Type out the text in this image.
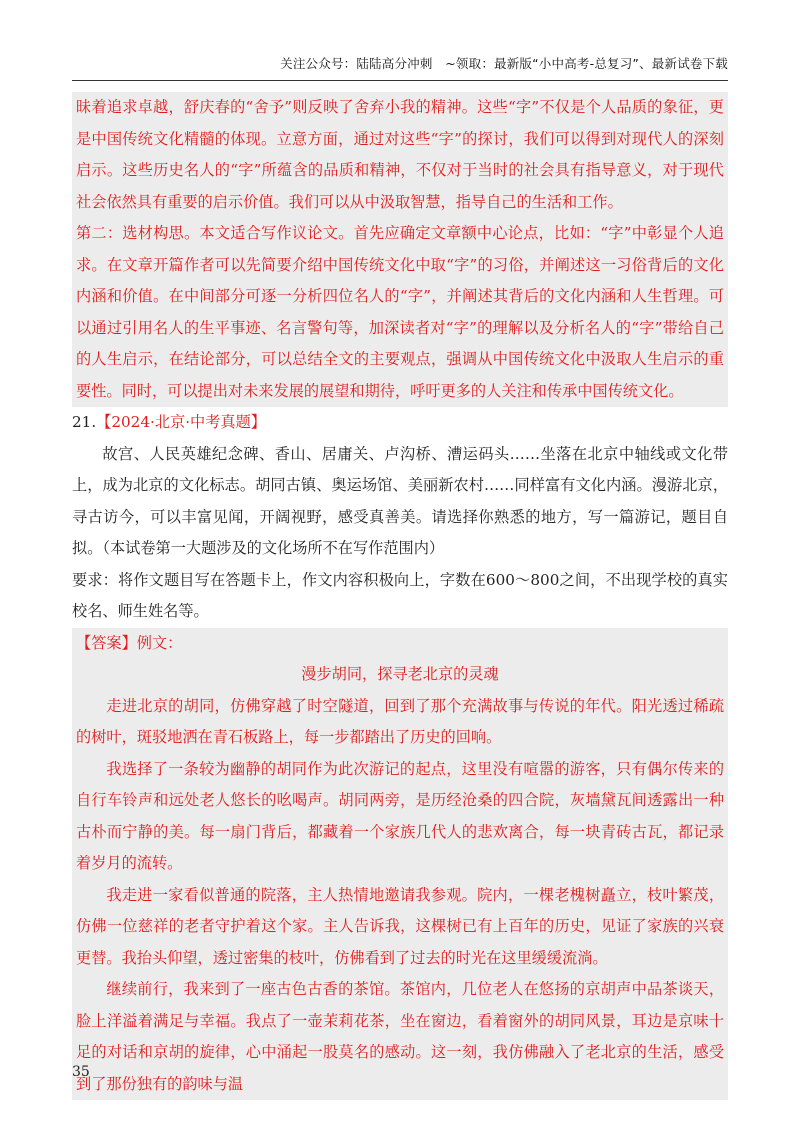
关注公众号：陆陆高分冲刺　~领取：最新版“小中高考-总复习”、最新试卷下载

昧着追求卓越，舒庆春的“舍予”则反映了舍弃小我的精神。这些“字”不仅是个人品质的象征，更是中国传统文化精髓的体现。立意方面，通过对这些“字”的探讨，我们可以得到对现代人的深刻启示。这些历史名人的“字”所蕴含的品质和精神，不仅对于当时的社会具有指导意义，对于现代社会依然具有重要的启示价值。我们可以从中汲取智慧，指导自己的生活和工作。

第二：选材构思。本文适合写作议论文。首先应确定文章额中心论点，比如：“字”中彰显个人追求。在文章开篇作者可以先简要介绍中国传统文化中取“字”的习俗，并阐述这一习俗背后的文化内涵和价值。在中间部分可逐一分析四位名人的“字”，并阐述其背后的文化内涵和人生哲理。可以通过引用名人的生平事迹、名言警句等，加深读者对“字”的理解以及分析名人的“字”带给自己的人生启示，在结论部分，可以总结全文的主要观点，强调从中国传统文化中汲取人生启示的重要性。同时，可以提出对未来发展的展望和期待，呼吁更多的人关注和传承中国传统文化。

21.【2024·北京·中考真题】

故宫、人民英雄纪念碑、香山、居庸关、卢沟桥、漕运码头……坐落在北京中轴线或文化带上，成为北京的文化标志。胡同古镇、奥运场馆、美丽新农村……同样富有文化内涵。漫游北京，寻古访今，可以丰富见闻，开阔视野，感受真善美。请选择你熟悉的地方，写一篇游记，题目自拟。（本试卷第一大题涉及的文化场所不在写作范围内）

要求：将作文题目写在答题卡上，作文内容积极向上，字数在600～800之间，不出现学校的真实校名、师生姓名等。

【答案】例文：

漫步胡同，探寻老北京的灵魂

走进北京的胡同，仿佛穿越了时空隧道，回到了那个充满故事与传说的年代。阳光透过稀疏的树叶，斑驳地洒在青石板路上，每一步都踏出了历史的回响。

我选择了一条较为幽静的胡同作为此次游记的起点，这里没有喧嚣的游客，只有偶尔传来的自行车铃声和远处老人悠长的吆喝声。胡同两旁，是历经沧桑的四合院，灰墙黛瓦间透露出一种古朴而宁静的美。每一扇门背后，都藏着一个家族几代人的悲欢离合，每一块青砖古瓦，都记录着岁月的流转。

我走进一家看似普通的院落，主人热情地邀请我参观。院内，一棵老槐树矗立，枝叶繁茂，仿佛一位慈祥的老者守护着这个家。主人告诉我，这棵树已有上百年的历史，见证了家族的兴衰更替。我抬头仰望，透过密集的枝叶，仿佛看到了过去的时光在这里缓缓流淌。

继续前行，我来到了一座古色古香的茶馆。茶馆内，几位老人在悠扬的京胡声中品茶谈天，脸上洋溢着满足与幸福。我点了一壶茉莉花茶，坐在窗边，看着窗外的胡同风景，耳边是京味十足的对话和京胡的旋律，心中涌起一股莫名的感动。这一刻，我仿佛融入了老北京的生活，感受到了那份独有的韵味与温

35
